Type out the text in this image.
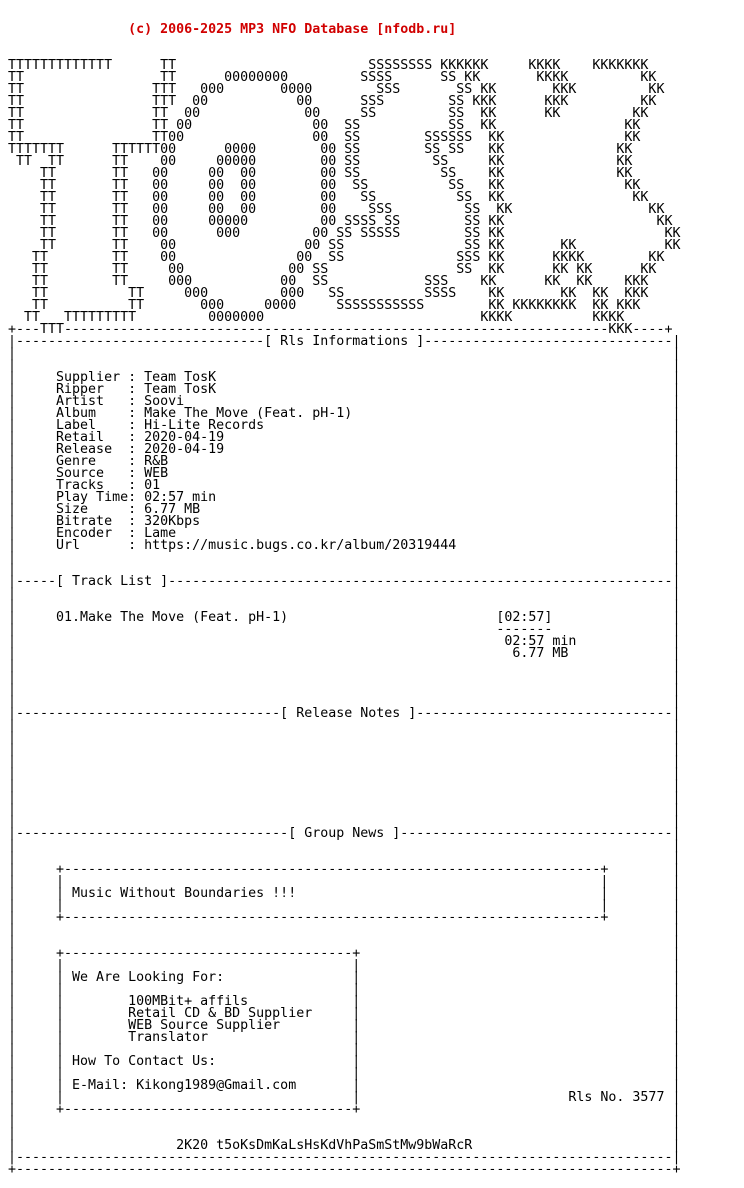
(c) 2006-2025 MP3 NFO Database [nfodb.ru]

TTTTTTTTTTTTT      TT                        SSSSSSSS KKKKKK     KKKK    KKKKKKK
TT                 TT      00000000         SSSS      SS KK       KKKK         KK
TT                TTT   000       0000        SSS       SS KK       KKK         KK
TT                TTT  00           00      SSS        SS KKK      KKK         KK
TT                TT  00             00     SS         SS  KK      KK         KK
TT                TT 00               00  SS           SS  KK                KK
TT                TT00                00  SS        SSSSSS  KK               KK
TTTTTTT      TTTTTT00      0000        00 SS        SS SS   KK              KK
TT  TT      TT    00     00000        00 SS         SS     KK              KK
TT       TT   00     00  00        00 SS          SS    KK              KK
TT       TT   00     00  00        00  SS          SS   KK               KK
TT       TT   00     00  00        00   SS          SS  KK                KK
TT       TT   00     00  00        00    SSS         SS  KK                 KK
TT       TT   00     00000         00 SSSS SS        SS KK                   KK
TT       TT   00      000         00 SS SSSSS        SS KK                    KK
TT       TT    00                00 SS               SS KK       KK           KK
TT        TT    00               00  SS              SSS KK      KKKK        KK
TT        TT     00             00 SS                SS  KK      KK KK      KK
TT        TT     000           00  SS            SSS    KK      KK  KK    KKK
TT          TT     000         000   SS          SSSS    KK       KK  KK  KKK
TT          TT       000     0000     SSSSSSSSSSS        KK KKKKKKKK  KK KKK
TT   TTTTTTTTT         0000000                           KKKK          KKKK
+---TTT--------------------------------------------------------------------KKK----+
|-------------------------------[ Rls Informations ]-------------------------------|
|                                                                                  |
|                                                                                  |
|     Supplier : Team TosK                                                         |
|     Ripper   : Team TosK                                                         |
|     Artist   : Soovi                                                             |
|     Album    : Make The Move (Feat. pH-1)                                        |
|     Label    : Hi-Lite Records                                                   |
|     Retail   : 2020-04-19                                                        |
|     Release  : 2020-04-19                                                        |
|     Genre    : R&B                                                               |
|     Source   : WEB                                                               |
|     Tracks   : 01                                                                |
|     Play Time: 02:57 min                                                         |
|     Size     : 6.77 MB                                                           |
|     Bitrate  : 320Kbps                                                           |
|     Encoder  : Lame                                                              |
|     Url      : https://music.bugs.co.kr/album/20319444                           |
|                                                                                  |
|                                                                                  |
|-----[ Track List ]---------------------------------------------------------------|
|                                                                                  |
|                                                                                  |
|     01.Make The Move (Feat. pH-1)                          [02:57]               |
|                                                            -------               |
|                                                             02:57 min            |
|                                                              6.77 MB             |
|                                                                                  |
|                                                                                  |
|                                                                                  |
|                                                                                  |
|---------------------------------[ Release Notes ]--------------------------------|
|                                                                                  |
|                                                                                  |
|                                                                                  |
|                                                                                  |
|                                                                                  |
|                                                                                  |
|                                                                                  |
|                                                                                  |
|                                                                                  |
|----------------------------------[ Group News ]----------------------------------|
|                                                                                  |
|                                                                                  |
|     +-------------------------------------------------------------------+        |
|     |                                                                   |        |
|     | Music Without Boundaries !!!                                      |        |
|     |                                                                   |        |
|     +-------------------------------------------------------------------+        |
|                                                                                  |
|                                                                                  |
|     +------------------------------------+                                       |
|     |                                    |                                       |
|     | We Are Looking For:                |                                       |
|     |                                    |                                       |
|     |        100MBit+ affils             |                                       |
|     |        Retail CD & BD Supplier     |                                       |
|     |        WEB Source Supplier         |                                       |
|     |        Translator                  |                                       |
|     |                                    |                                       |
|     | How To Contact Us:                 |                                       |
|     |                                    |                                       |
|     | E-Mail: Kikong1989@Gmail.com       |                                       |
|     |                                    |                          Rls No. 3577 |
|     +------------------------------------+                                       |
|                                                                                  |
|                                                                                  |
|                    2K20 t5oKsDmKaLsHsKdVhPaSmStMw9bWaRcR                         |
|----------------------------------------------------------------------------------|
+----------------------------------------------------------------------------------+
